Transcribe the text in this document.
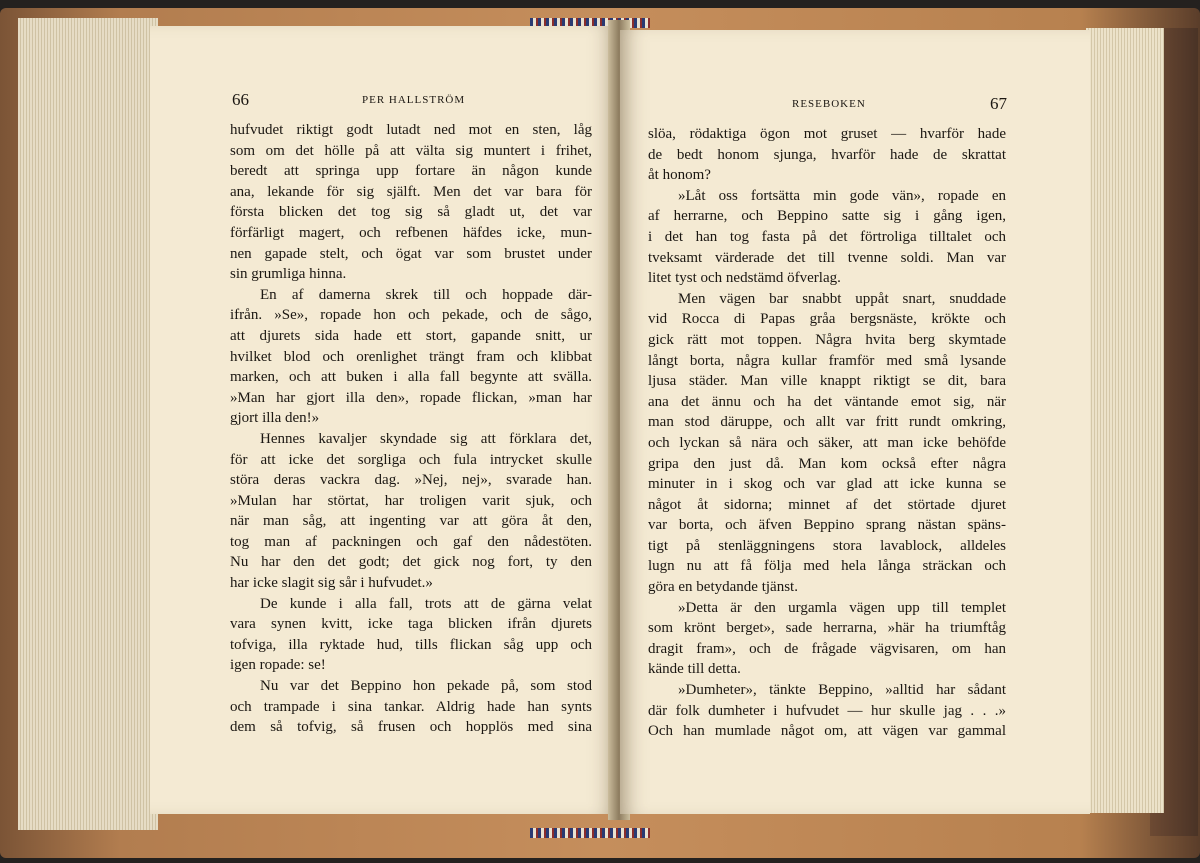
66	PER HALLSTRÖM
hufvudet riktigt godt lutadt ned mot en sten, låg
som om det hölle på att välta sig muntert i frihet,
beredt att springa upp fortare än någon kunde
ana, lekande för sig själft. Men det var bara för
första blicken det tog sig så gladt ut, det var
förfärligt magert, och refbenen häfdes icke, mun-
nen gapade stelt, och ögat var som brustet under
sin grumliga hinna.
En af damerna skrek till och hoppade där-
ifrån. »Se», ropade hon och pekade, och de sågo,
att djurets sida hade ett stort, gapande snitt, ur
hvilket blod och orenlighet trängt fram och klibbat
marken, och att buken i alla fall begynte att svälla.
»Man har gjort illa den», ropade flickan, »man har
gjort illa den!»
Hennes kavaljer skyndade sig att förklara det,
för att icke det sorgliga och fula intrycket skulle
störa deras vackra dag. »Nej, nej», svarade han.
»Mulan har störtat, har troligen varit sjuk, och
när man såg, att ingenting var att göra åt den,
tog man af packningen och gaf den nådestöten.
Nu har den det godt; det gick nog fort, ty den
har icke slagit sig sår i hufvudet.»
De kunde i alla fall, trots att de gärna velat
vara synen kvitt, icke taga blicken ifrån djurets
tofviga, illa ryktade hud, tills flickan såg upp och
igen ropade: se!
Nu var det Beppino hon pekade på, som stod
och trampade i sina tankar. Aldrig hade han synts
dem så tofvig, så frusen och hopplös med sina
RESEBOKEN	67
slöa, rödaktiga ögon mot gruset — hvarför hade
de bedt honom sjunga, hvarför hade de skrattat
åt honom?
»Låt oss fortsätta min gode vän», ropade en
af herrarne, och Beppino satte sig i gång igen,
i det han tog fasta på det förtroliga tilltalet och
tveksamt värderade det till tvenne soldi. Man var
litet tyst och nedstämd öfverlag.
Men vägen bar snabbt uppåt snart, snuddade
vid Rocca di Papas gråa bergsnäste, krökte och
gick rätt mot toppen. Några hvita berg skymtade
långt borta, några kullar framför med små lysande
ljusa städer. Man ville knappt riktigt se dit, bara
ana det ännu och ha det väntande emot sig, när
man stod däruppe, och allt var fritt rundt omkring,
och lyckan så nära och säker, att man icke behöfde
gripa den just då. Man kom också efter några
minuter in i skog och var glad att icke kunna se
något åt sidorna; minnet af det störtade djuret
var borta, och äfven Beppino sprang nästan späns-
tigt på stenläggningens stora lavablock, alldeles
lugn nu att få följa med hela långa sträckan och
göra en betydande tjänst.
»Detta är den urgamla vägen upp till templet
som krönt berget», sade herrarna, »här ha triumftåg
dragit fram», och de frågade vägvisaren, om han
kände till detta.
»Dumheter», tänkte Beppino, »alltid har sådant
där folk dumheter i hufvudet — hur skulle jag . . .»
Och han mumlade något om, att vägen var gammal
